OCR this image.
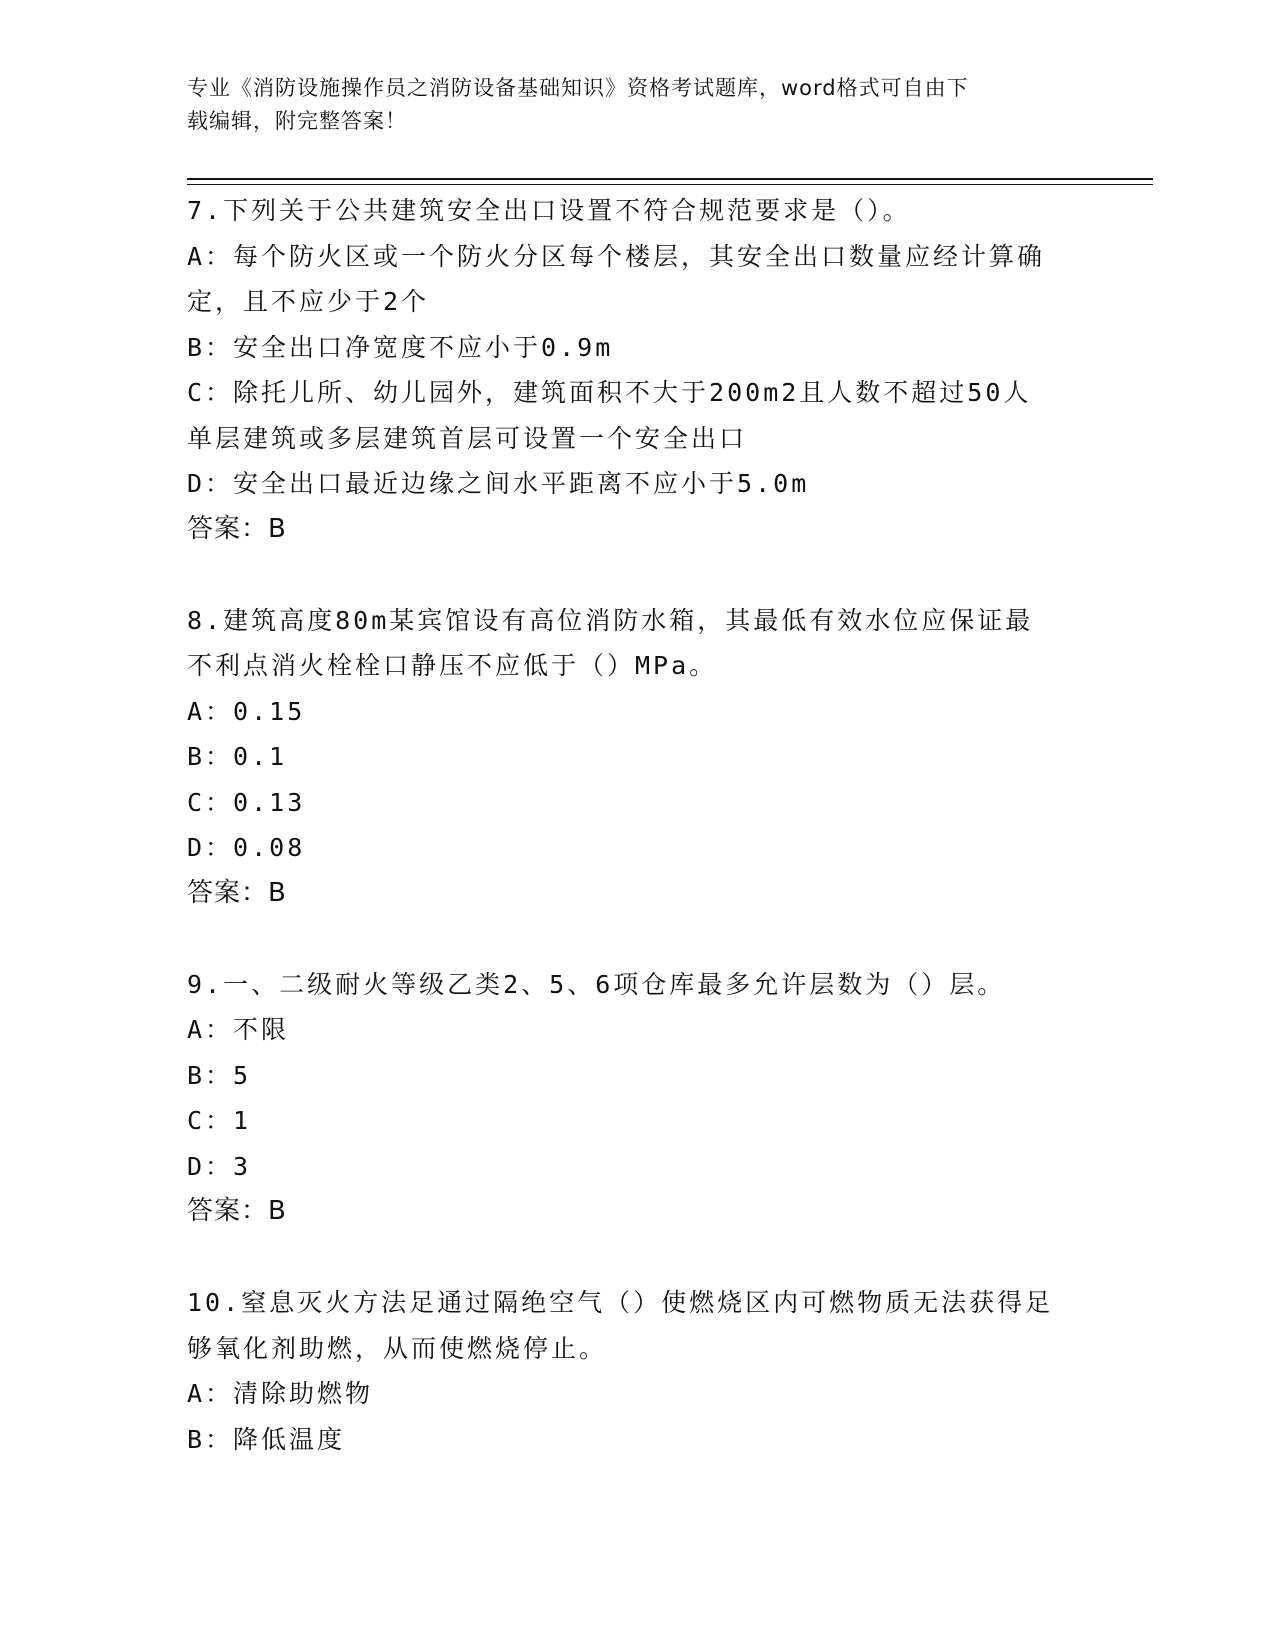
专业《消防设施操作员之消防设备基础知识》资格考试题库，word格式可自由下
载编辑，附完整答案！
7.下列关于公共建筑安全出口设置不符合规范要求是（）。
A：每个防火区或一个防火分区每个楼层，其安全出口数量应经计算确
定，且不应少于2个
B：安全出口净宽度不应小于0.9m
C：除托儿所、幼儿园外，建筑面积不大于200m2且人数不超过50人
单层建筑或多层建筑首层可设置一个安全出口
D：安全出口最近边缘之间水平距离不应小于5.0m
答案：B
8.建筑高度80m某宾馆设有高位消防水箱，其最低有效水位应保证最
不利点消火栓栓口静压不应低于（）MPa。
A：0.15
B：0.1
C：0.13
D：0.08
答案：B
9.一、二级耐火等级乙类2、5、6项仓库最多允许层数为（）层。
A：不限
B：5
C：1
D：3
答案：B
10.窒息灭火方法足通过隔绝空气（）使燃烧区内可燃物质无法获得足
够氧化剂助燃，从而使燃烧停止。
A：清除助燃物
B：降低温度
